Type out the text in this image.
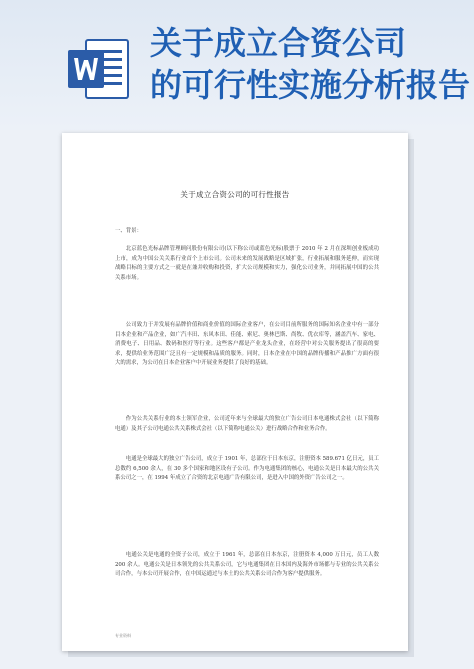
关于成立合资公司
的可行性实施分析报告
关于成立合资公司的可行性报告
一、背景：

北京蓝色光标品牌管理顾问股份有限公司(以下称公司或蓝色光标)股票于 2010 年 2 月在深圳创业板成功上市，成为中国公关关系行业首个上市公司。公司未来的发展战略是区域扩张，行业拓展和服务延伸，而实现战略目标的主要方式之一就是在兼并收购和投资，扩大公司规模和实力，强化公司业务，并同拓展中国的公共关系市场。

公司致力于并发展有品牌价值和商业价值的国际企业客户，在公司目前所服务的国际知名企业中有一部分目本企业和产品企业，如广汽丰田、东风本田、佳能、索尼、奥林巴斯、尚牧、优衣库等，涵盖汽车、家电、消费电子、日用品、数码和医疗等行业。这些客户都是产业龙头企业，在经营中对公关服务提出了很高的要求，提供给业务范围广泛且有一定规模和品质的服务。同时，日本企业在中国的品牌传播和产品推广方面有很大的需求，为公司在日本企业客户中开展业务提供了良好的基础。

作为公共关系行业的本土领军企业，公司近年来与全球最大的独立广告公司日本电通株式会社（以下简称电通）及其子公司电通公共关系株式会社（以下简称电通公关）进行战略合作和业务合作。

电通是全球最大的独立广告公司，成立于 1901 年，总部位于日本东京，注册资本 589.671 亿日元，员工总数约 6,500 余人，在 30 多个国家和地区设有子公司。作为电通集团的核心，电通公关是日本最大的公共关系公司之一，在 1994 年成立了合资的北京电通广告有限公司，是进入中国的外资广告公司之一。

电通公关是电通的全资子公司，成立于 1961 年，总部在日本东京，注册资本 4,000 万日元，员工人数 200 余人。电通公关是日本领先的公共关系公司，它与电通集团在日本国内及海外市场都与专业的公共关系公司合作，与本公司开展合作，在中国运通过与本土的公共关系公司合作为客户提供服务。

专业资料
